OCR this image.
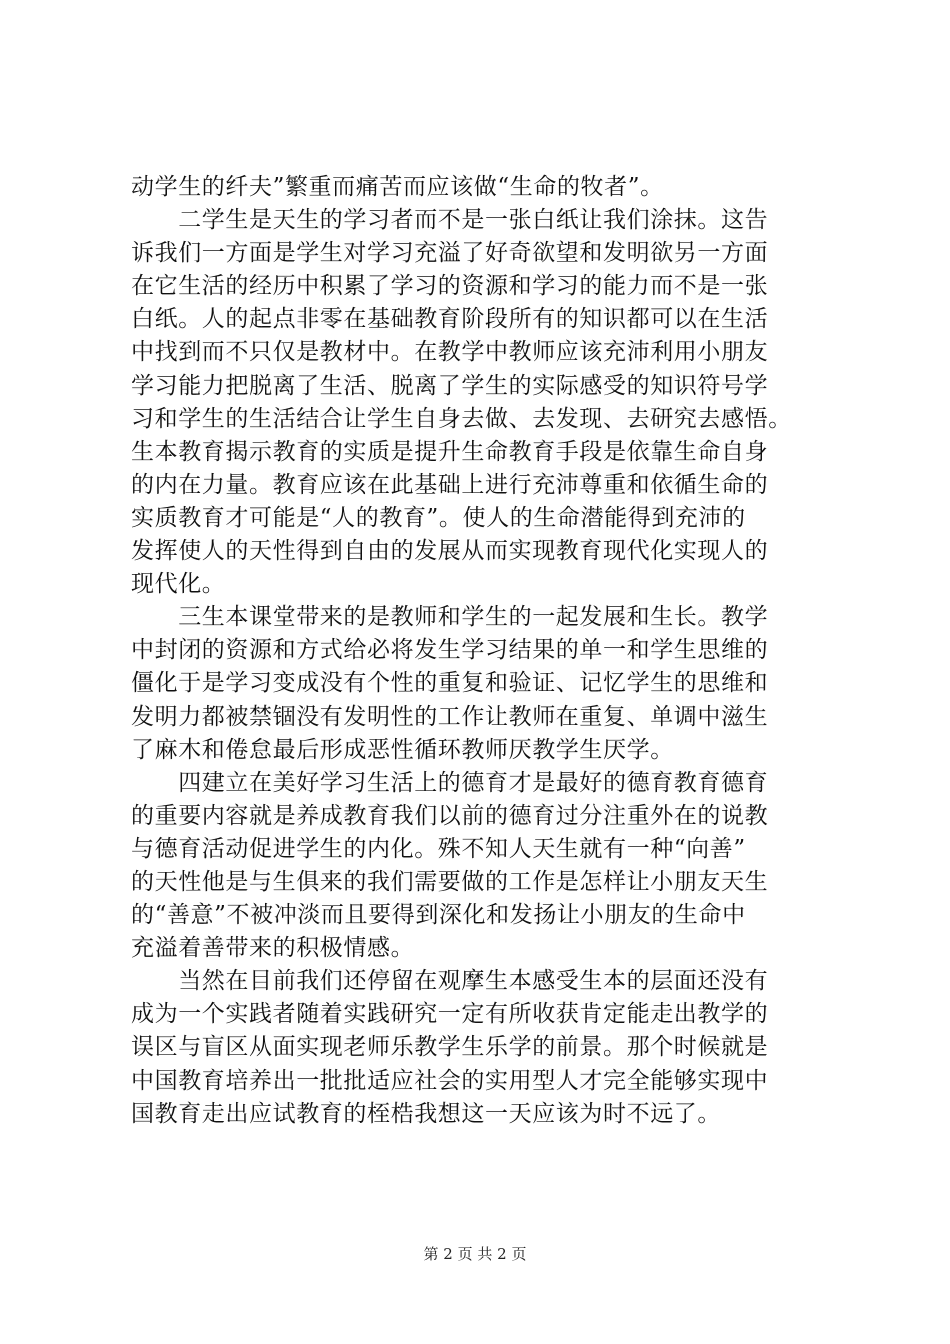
动学生的纤夫”繁重而痛苦而应该做“生命的牧者”。
　　二学生是天生的学习者而不是一张白纸让我们涂抹。这告
诉我们一方面是学生对学习充溢了好奇欲望和发明欲另一方面
在它生活的经历中积累了学习的资源和学习的能力而不是一张
白纸。人的起点非零在基础教育阶段所有的知识都可以在生活
中找到而不只仅是教材中。在教学中教师应该充沛利用小朋友
学习能力把脱离了生活、脱离了学生的实际感受的知识符号学
习和学生的生活结合让学生自身去做、去发现、去研究去感悟。
生本教育揭示教育的实质是提升生命教育手段是依靠生命自身
的内在力量。教育应该在此基础上进行充沛尊重和依循生命的
实质教育才可能是“人的教育”。使人的生命潜能得到充沛的
发挥使人的天性得到自由的发展从而实现教育现代化实现人的
现代化。
　　三生本课堂带来的是教师和学生的一起发展和生长。教学
中封闭的资源和方式给必将发生学习结果的单一和学生思维的
僵化于是学习变成没有个性的重复和验证、记忆学生的思维和
发明力都被禁锢没有发明性的工作让教师在重复、单调中滋生
了麻木和倦怠最后形成恶性循环教师厌教学生厌学。
　　四建立在美好学习生活上的德育才是最好的德育教育德育
的重要内容就是养成教育我们以前的德育过分注重外在的说教
与德育活动促进学生的内化。殊不知人天生就有一种“向善”
的天性他是与生俱来的我们需要做的工作是怎样让小朋友天生
的“善意”不被冲淡而且要得到深化和发扬让小朋友的生命中
充溢着善带来的积极情感。
　　当然在目前我们还停留在观摩生本感受生本的层面还没有
成为一个实践者随着实践研究一定有所收获肯定能走出教学的
误区与盲区从面实现老师乐教学生乐学的前景。那个时候就是
中国教育培养出一批批适应社会的实用型人才完全能够实现中
国教育走出应试教育的桎梏我想这一天应该为时不远了。
第 2 页 共 2 页
